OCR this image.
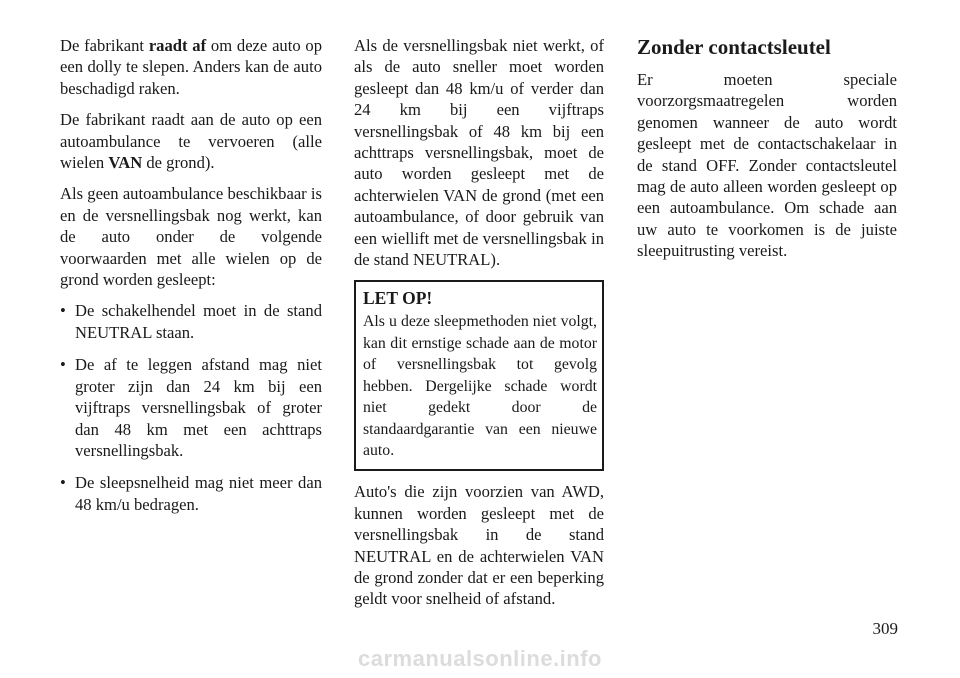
De fabrikant raadt af om deze auto op een dolly te slepen. Anders kan de auto beschadigd raken.

De fabrikant raadt aan de auto op een autoambulance te vervoeren (alle wielen VAN de grond).

Als geen autoambulance beschikbaar is en de versnellingsbak nog werkt, kan de auto onder de volgende voorwaarden met alle wielen op de grond worden gesleept:

• De schakelhendel moet in de stand NEUTRAL staan.
• De af te leggen afstand mag niet groter zijn dan 24 km bij een vijftraps versnellingsbak of groter dan 48 km met een achttraps versnellingsbak.
• De sleepsnelheid mag niet meer dan 48 km/u bedragen.

Als de versnellingsbak niet werkt, of als de auto sneller moet worden gesleept dan 48 km/u of verder dan 24 km bij een vijftraps versnellingsbak of 48 km bij een achttraps versnellingsbak, moet de auto worden gesleept met de achterwielen VAN de grond (met een autoambulance, of door gebruik van een wiellift met de versnellingsbak in de stand NEUTRAL).

LET OP!

Als u deze sleepmethoden niet volgt, kan dit ernstige schade aan de motor of versnellingsbak tot gevolg hebben. Dergelijke schade wordt niet gedekt door de standaardgarantie van een nieuwe auto.

Auto's die zijn voorzien van AWD, kunnen worden gesleept met de versnellingsbak in de stand NEUTRAL en de achterwielen VAN de grond zonder dat er een beperking geldt voor snelheid of afstand.

Zonder contactsleutel

Er moeten speciale voorzorgsmaatregelen worden genomen wanneer de auto wordt gesleept met de contactschakelaar in de stand OFF. Zonder contactsleutel mag de auto alleen worden gesleept op een autoambulance. Om schade aan uw auto te voorkomen is de juiste sleepuitrusting vereist.

309
carmanualsonline.info
